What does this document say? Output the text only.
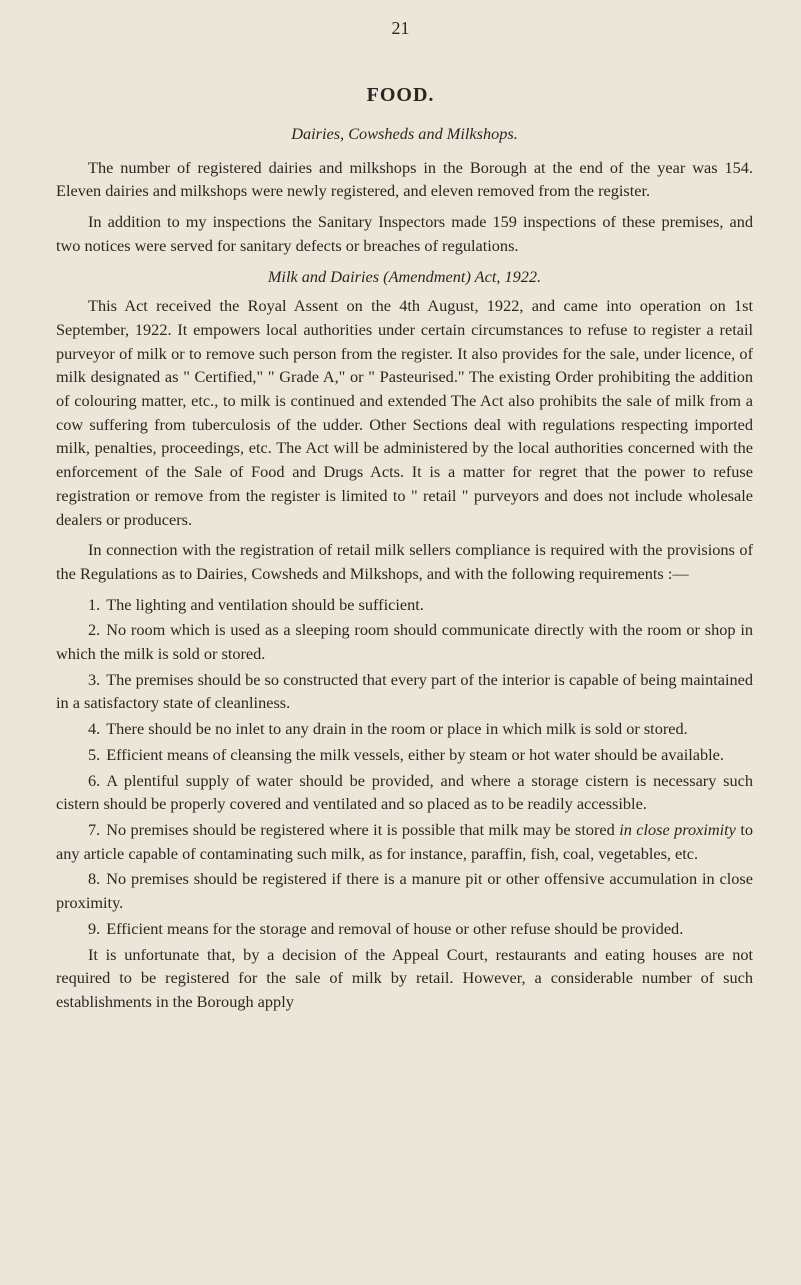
21
FOOD.
Dairies, Cowsheds and Milkshops.

The number of registered dairies and milkshops in the Borough at the end of the year was 154. Eleven dairies and milkshops were newly registered, and eleven removed from the register.

In addition to my inspections the Sanitary Inspectors made 159 inspections of these premises, and two notices were served for sanitary defects or breaches of regulations.

Milk and Dairies (Amendment) Act, 1922.

This Act received the Royal Assent on the 4th August, 1922, and came into operation on 1st September, 1922. It empowers local authorities under certain circumstances to refuse to register a retail purveyor of milk or to remove such person from the register. It also provides for the sale, under licence, of milk designated as " Certified," " Grade A," or " Pasteurised." The existing Order prohibiting the addition of colouring matter, etc., to milk is continued and extended The Act also prohibits the sale of milk from a cow suffering from tuberculosis of the udder. Other Sections deal with regulations respecting imported milk, penalties, proceedings, etc. The Act will be administered by the local authorities concerned with the enforcement of the Sale of Food and Drugs Acts. It is a matter for regret that the power to refuse registration or remove from the register is limited to " retail " purveyors and does not include wholesale dealers or producers.

In connection with the registration of retail milk sellers compliance is required with the provisions of the Regulations as to Dairies, Cowsheds and Milkshops, and with the following requirements :—

1. The lighting and ventilation should be sufficient.
2. No room which is used as a sleeping room should communicate directly with the room or shop in which the milk is sold or stored.
3. The premises should be so constructed that every part of the interior is capable of being maintained in a satisfactory state of cleanliness.
4. There should be no inlet to any drain in the room or place in which milk is sold or stored.
5. Efficient means of cleansing the milk vessels, either by steam or hot water should be available.
6. A plentiful supply of water should be provided, and where a storage cistern is necessary such cistern should be properly covered and ventilated and so placed as to be readily accessible.
7. No premises should be registered where it is possible that milk may be stored in close proximity to any article capable of contaminating such milk, as for instance, paraffin, fish, coal, vegetables, etc.
8. No premises should be registered if there is a manure pit or other offensive accumulation in close proximity.
9. Efficient means for the storage and removal of house or other refuse should be provided.

It is unfortunate that, by a decision of the Appeal Court, restaurants and eating houses are not required to be registered for the sale of milk by retail. However, a considerable number of such establishments in the Borough apply
